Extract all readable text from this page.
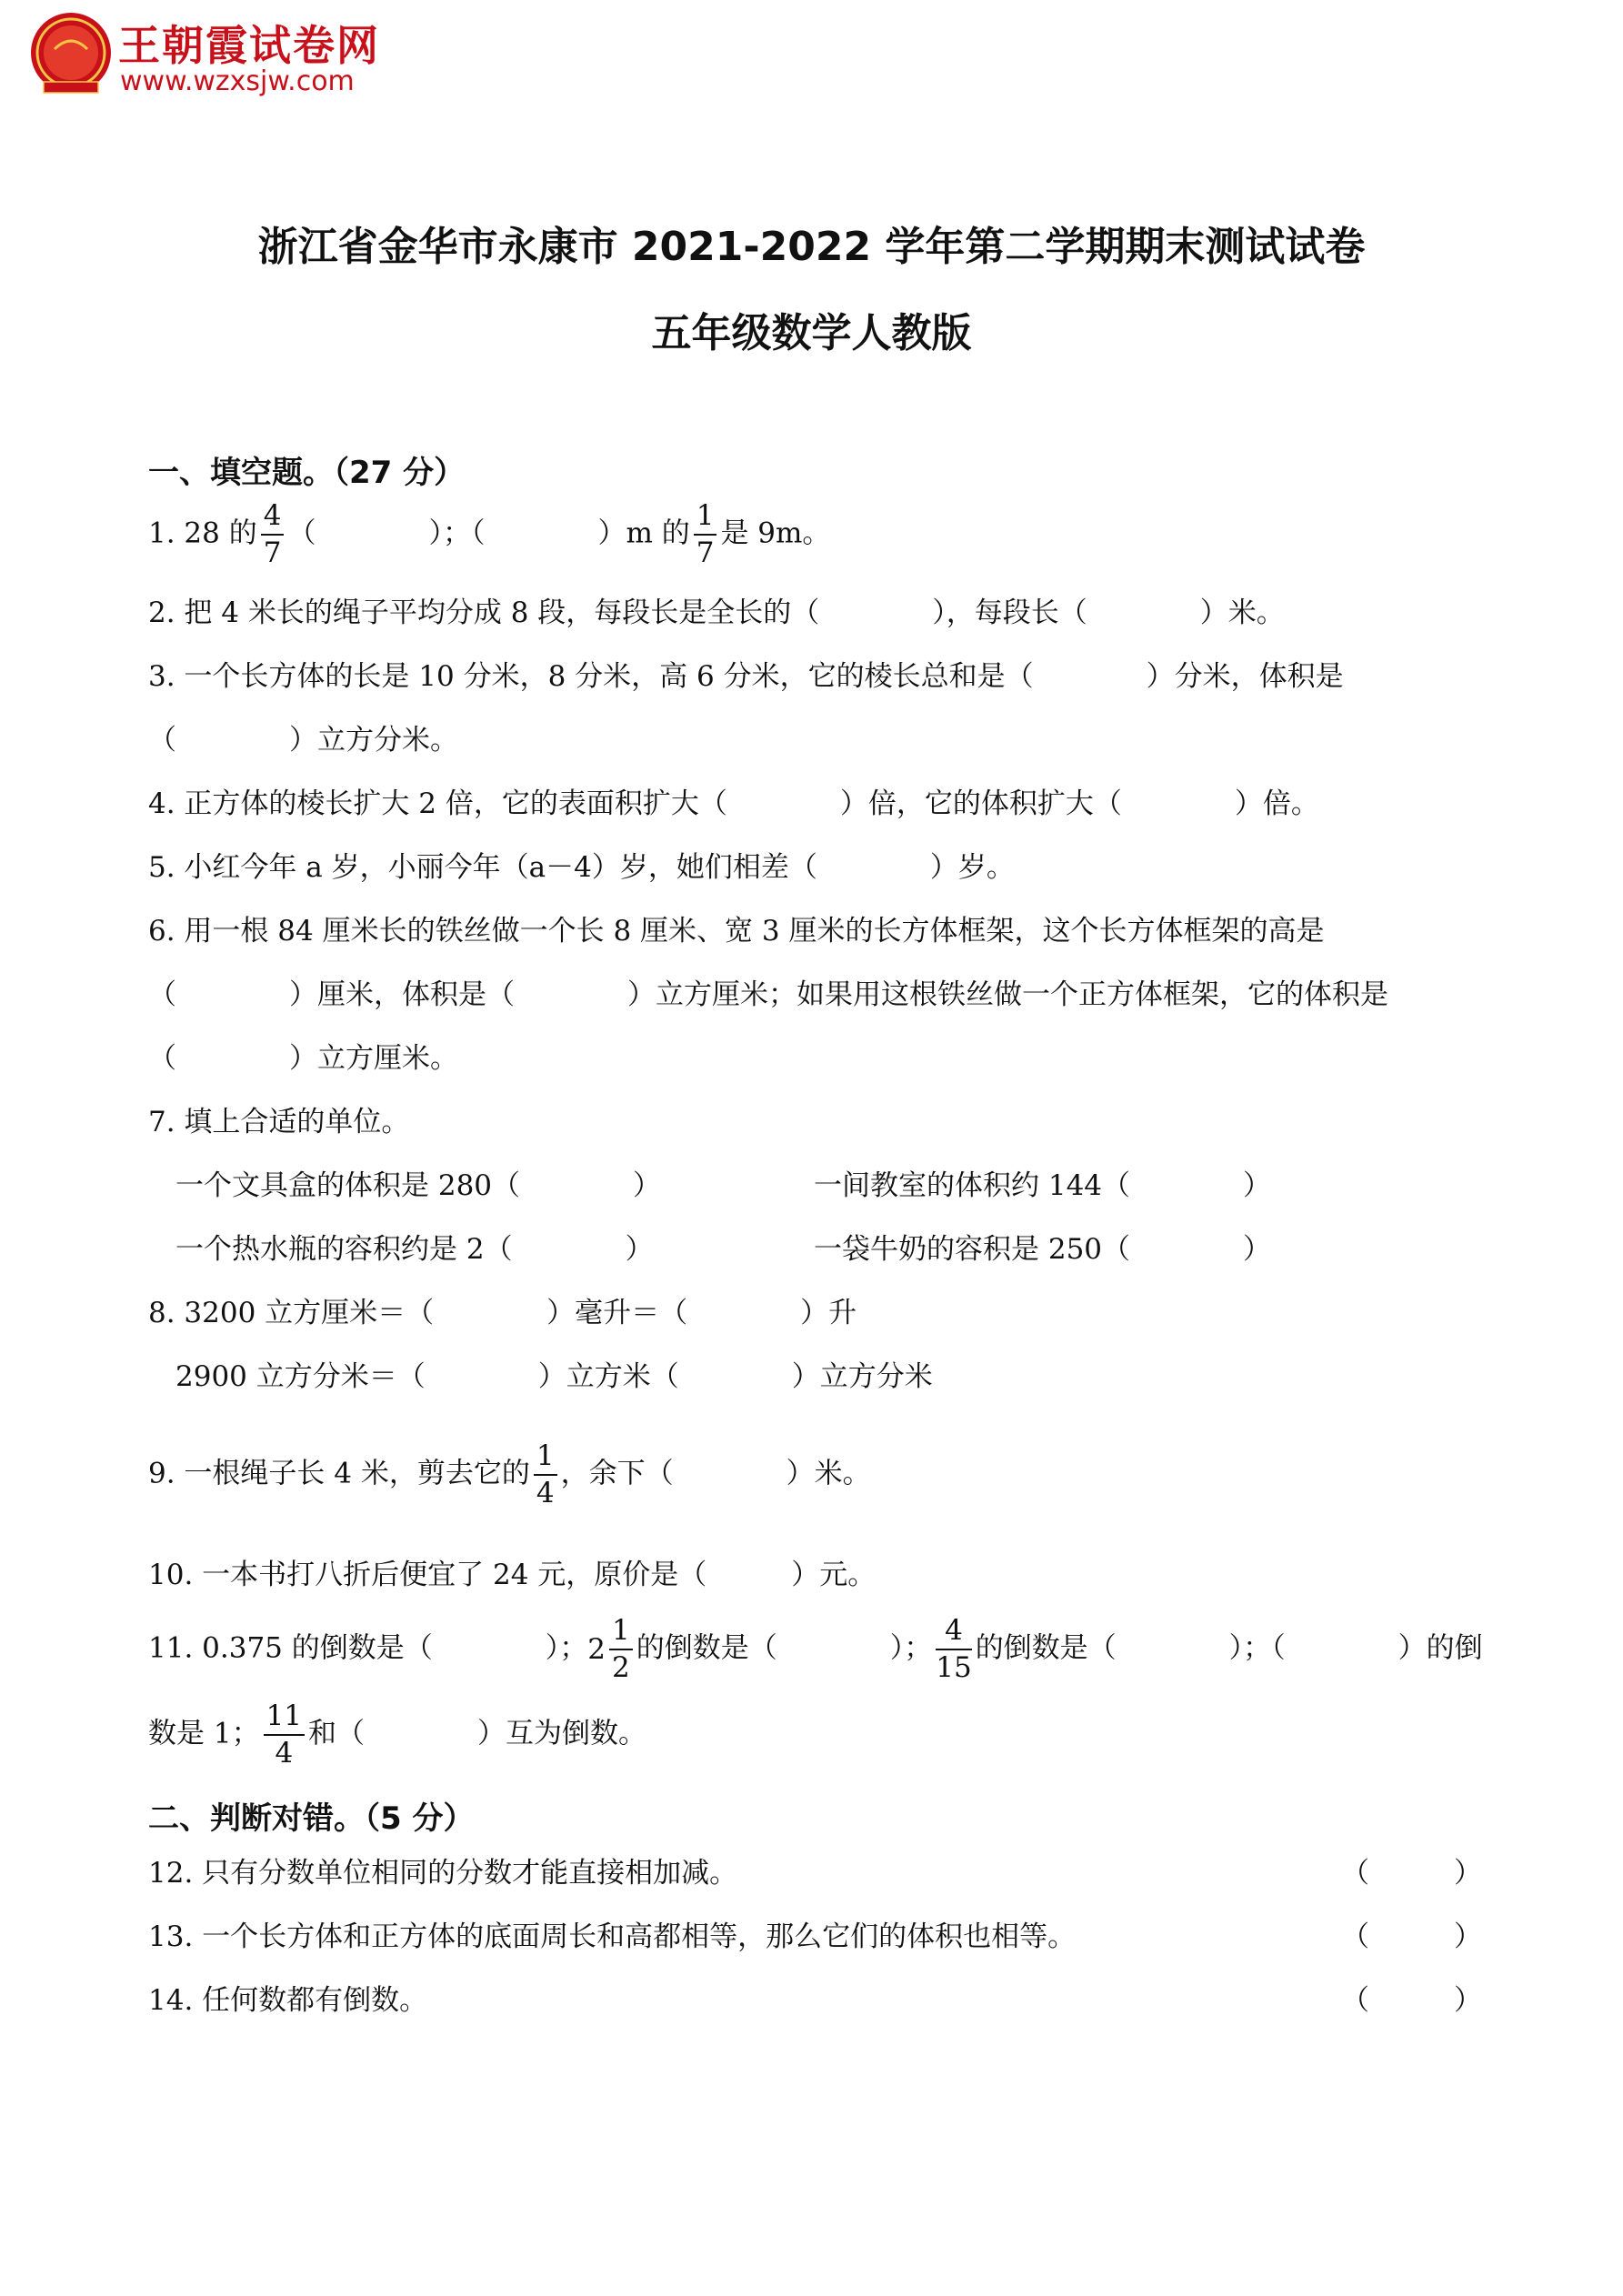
王朝霞试卷网
www.wzxsjw.com
浙江省金华市永康市 2021-2022 学年第二学期期末测试试卷
五年级数学人教版
一、填空题。（27 分）
1. 28 的 $\frac{4}{7}$ （　　　　）；（　　　　）m 的 $\frac{1}{7}$ 是 9m。
2. 把 4 米长的绳子平均分成 8 段，每段长是全长的（　　　　），每段长（　　　　）米。
3. 一个长方体的长是 10 分米，8 分米，高 6 分米，它的棱长总和是（　　　　）分米，体积是
（　　　　）立方分米。
4. 正方体的棱长扩大 2 倍，它的表面积扩大（　　　　）倍，它的体积扩大（　　　　）倍。
5. 小红今年 a 岁，小丽今年（a－4）岁，她们相差（　　　　）岁。
6. 用一根 84 厘米长的铁丝做一个长 8 厘米、宽 3 厘米的长方体框架，这个长方体框架的高是
（　　　　）厘米，体积是（　　　　）立方厘米；如果用这根铁丝做一个正方体框架，它的体积是
（　　　　）立方厘米。
7. 填上合适的单位。
一个文具盒的体积是 280（　　　　）	一间教室的体积约 144（　　　　）
一个热水瓶的容积约是 2（　　　　）	一袋牛奶的容积是 250（　　　　）
8. 3200 立方厘米＝（　　　　）毫升＝（　　　　）升
2900 立方分米＝（　　　　）立方米（　　　　）立方分米
9. 一根绳子长 4 米，剪去它的 $\frac{1}{4}$ ，余下（　　　　）米。
10. 一本书打八折后便宜了 24 元，原价是（　　　）元。
11. 0.375 的倒数是（　　　　）；$2 \frac{1}{2}$ 的倒数是（　　　　）； $\frac{4}{15}$ 的倒数是（　　　　）；（　　　　）的倒
数是 1； $\frac{11}{4}$ 和（　　　　）互为倒数。
二、判断对错。（5 分）
12. 只有分数单位相同的分数才能直接相加减。	（　　　）
13. 一个长方体和正方体的底面周长和高都相等，那么它们的体积也相等。	（　　　）
14. 任何数都有倒数。	（　　　）
